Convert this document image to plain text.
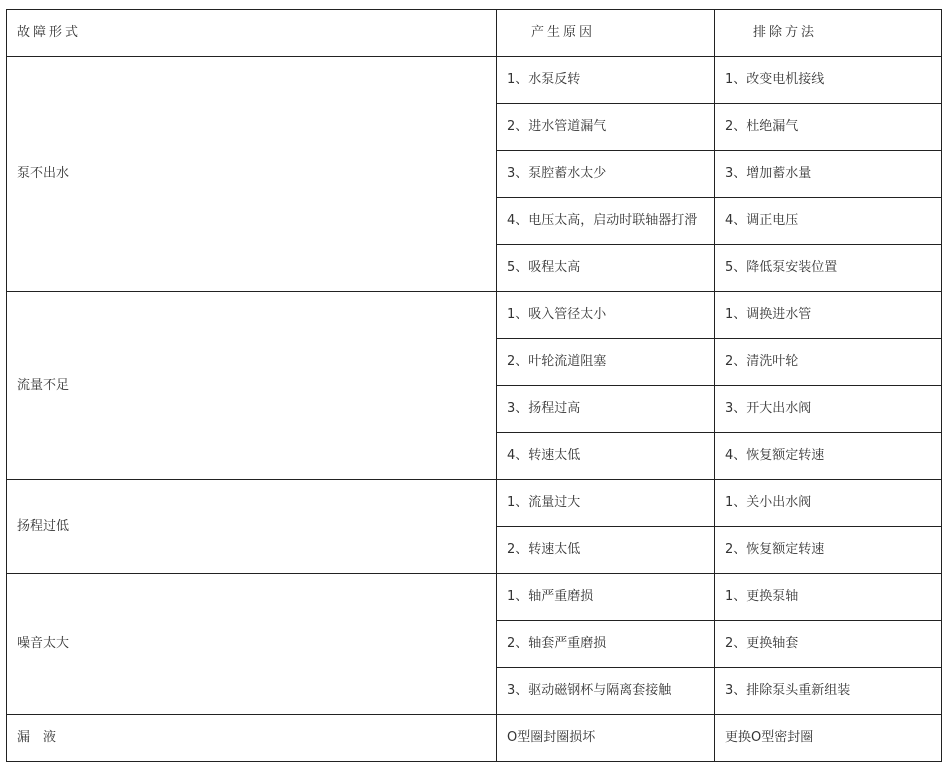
故障形式	产生原因	排除方法
泵不出水	1、水泵反转	1、改变电机接线
	2、进水管道漏气	2、杜绝漏气
	3、泵腔蓄水太少	3、增加蓄水量
	4、电压太高，启动时联轴器打滑	4、调正电压
	5、吸程太高	5、降低泵安装位置
流量不足	1、吸入管径太小	1、调换进水管
	2、叶轮流道阻塞	2、清洗叶轮
	3、扬程过高	3、开大出水阀
	4、转速太低	4、恢复额定转速
扬程过低	1、流量过大	1、关小出水阀
	2、转速太低	2、恢复额定转速
噪音太大	1、轴严重磨损	1、更换泵轴
	2、轴套严重磨损	2、更换轴套
	3、驱动磁钢杯与隔离套接触	3、排除泵头重新组装
漏　液	O型圈封圈损坏	更换O型密封圈
